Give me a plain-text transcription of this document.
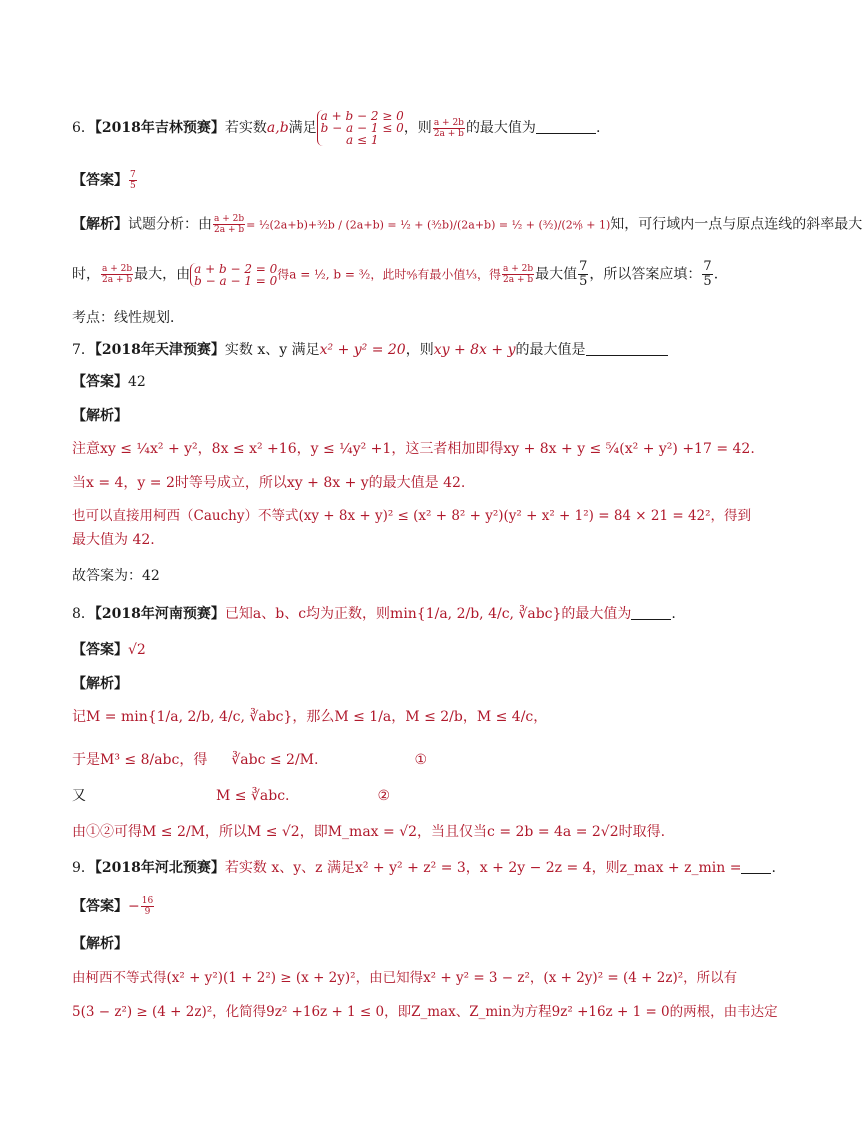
6．【2018年吉林预赛】若实数a,b满足
a + b − 2 ≥ 0
b − a − 1 ≤ 0
a ≤ 1
，则 $\frac{a + 2b}{2a + b}$ 的最大值为	.
【答案】 $\frac{7}{5}$
【解析】试题分析：由 $\frac{a + 2b}{2a + b}$ = ½(2a+b)+³⁄₂b / (2a+b) = ½ + (³⁄₂b)/(2a+b) = ½ + (³⁄₂)/(2ᵃ⁄ᵦ + 1)知，可行域内一点与原点连线的斜率最大
时， $\frac{a + 2b}{2a + b}$ 最大，由 a + b − 2 = 0
b − a − 1 = 0 得a = ½, b = ³⁄₂，此时ᵃ⁄ᵦ有最小值⅓，得 $\frac{a + 2b}{2a + b}$ 最大值 $\frac{7}{5}$ ，所以答案应填： $\frac{7}{5}$ .
考点：线性规划．
7．【2018年天津预赛】实数 x、y 满足x² + y² = 20，则xy + 8x + y的最大值是
【答案】42
【解析】
注意xy ≤ ¼x² + y²，8x ≤ x² +16，y ≤ ¼y² +1，这三者相加即得xy + 8x + y ≤ ⁵⁄₄(x² + y²) +17 = 42.
当x = 4，y = 2时等号成立，所以xy + 8x + y的最大值是 42.
也可以直接用柯西（Cauchy）不等式(xy + 8x + y)² ≤ (x² + 8² + y²)(y² + x² + 1²) = 84 × 21 = 42²，得到
最大值为 42.
故答案为：42
8．【2018年河南预赛】已知a、b、c均为正数，则min{1/a, 2/b, 4/c, ∛abc}的最大值为	.
【答案】√2
【解析】
记M = min{1/a, 2/b, 4/c, ∛abc}，那么M ≤ 1/a，M ≤ 2/b，M ≤ 4/c，
于是M³ ≤ 8/abc，得 ∛abc ≤ 2/M.	①
又	M ≤ ∛abc.	②
由①②可得M ≤ 2/M，所以M ≤ √2，即M_max = √2，当且仅当c = 2b = 4a = 2√2时取得.
9．【2018年河北预赛】若实数 x、y、z 满足x² + y² + z² = 3，x + 2y − 2z = 4，则z_max + z_min = .
【答案】− $\frac{16}{9}$
【解析】
由柯西不等式得(x² + y²)(1 + 2²) ≥ (x + 2y)²，由已知得x² + y² = 3 − z²，(x + 2y)² = (4 + 2z)²，所以有
5(3 − z²) ≥ (4 + 2z)²，化简得9z² +16z + 1 ≤ 0，即Z_max、Z_min为方程9z² +16z + 1 = 0的两根，由韦达定
